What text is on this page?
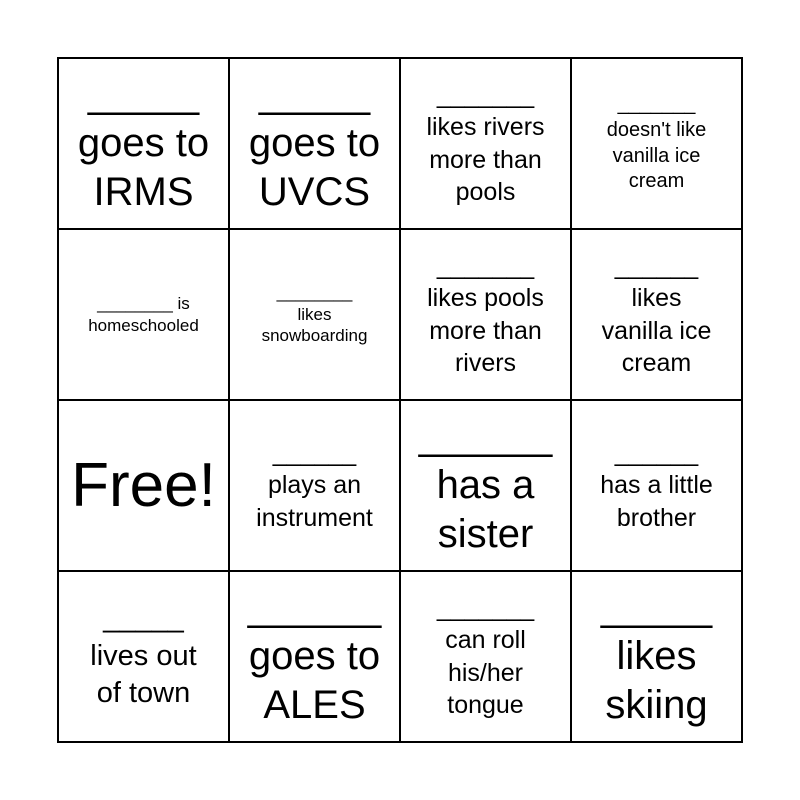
_____
goes to
IRMS
_____
goes to
UVCS
_______
likes rivers
more than
pools
_______
doesn't like
vanilla ice
cream
________ is
homeschooled
________
likes
snowboarding
_______
likes pools
more than
rivers
______
likes
vanilla ice
cream
Free!	______
plays an
instrument
______
has a
sister
______
has a little
brother
_____
lives out
of town
______
goes to
ALES
_______
can roll
his/her
tongue
_____
likes
skiing
